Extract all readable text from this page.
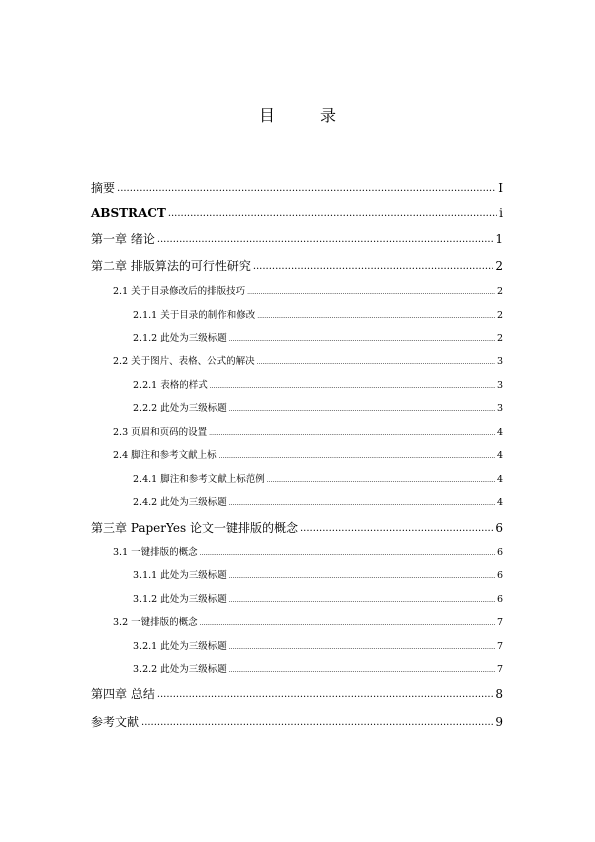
目 录
摘要 .....	I
ABSTRACT .....	i
第一章 绪论 .....	1
第二章 排版算法的可行性研究 .....	2
2.1 关于目录修改后的排版技巧 .....	2
2.1.1 关于目录的制作和修改 .....	2
2.1.2 此处为三级标题 .....	2
2.2 关于图片、表格、公式的解决 .....	3
2.2.1 表格的样式 .....	3
2.2.2 此处为三级标题 .....	3
2.3 页眉和页码的设置 .....	4
2.4 脚注和参考文献上标 .....	4
2.4.1 脚注和参考文献上标范例 .....	4
2.4.2 此处为三级标题 .....	4
第三章 PaperYes 论文一键排版的概念 .....	6
3.1 一键排版的概念 .....	6
3.1.1 此处为三级标题 .....	6
3.1.2 此处为三级标题 .....	6
3.2 一键排版的概念 .....	7
3.2.1 此处为三级标题 .....	7
3.2.2 此处为三级标题 .....	7
第四章 总结 .....	8
参考文献 .....	9
